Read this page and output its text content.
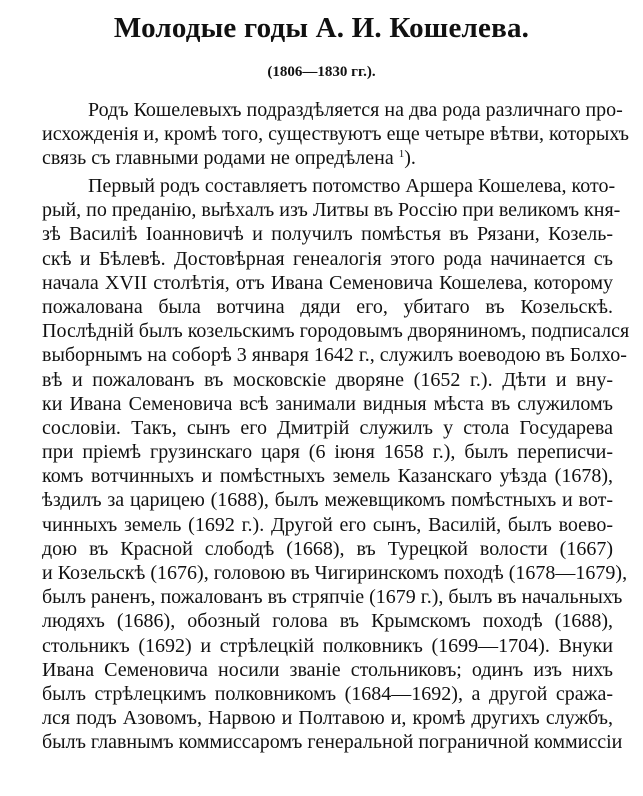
Молодые годы А. И. Кошелева.
(1806—1830 гг.).
Родъ Кошелевыхъ подраздѣляется на два рода различнаго про-
исхожденія и, кромѣ того, существуютъ еще четыре вѣтви, которыхъ
связь съ главными родами не опредѣлена $^1$).
Первый родъ составляетъ потомство Аршера Кошелева, кото-
рый, по преданію, выѣхалъ изъ Литвы въ Россію при великомъ кня-
зѣ Василіѣ Іоанновичѣ и получилъ помѣстья въ Рязани, Козель-
скѣ и Бѣлевѣ. Достовѣрная генеалогія этого рода начинается съ
начала XVII столѣтія, отъ Ивана Семеновича Кошелева, которому
пожалована была вотчина дяди его, убитаго въ Козельскѣ.
Послѣдній былъ козельскимъ городовымъ дворяниномъ, подписался
выборнымъ на соборѣ 3 января 1642 г., служилъ воеводою въ Болхо-
вѣ и пожалованъ въ московскіе дворяне (1652 г.). Дѣти и вну-
ки Ивана Семеновича всѣ занимали видныя мѣста въ служиломъ
сословіи. Такъ, сынъ его Дмитрій служилъ у стола Государева
при пріемѣ грузинскаго царя (6 іюня 1658 г.), былъ переписчи-
комъ вотчинныхъ и помѣстныхъ земель Казанскаго уѣзда (1678),
ѣздилъ за царицею (1688), былъ межевщикомъ помѣстныхъ и вот-
чинныхъ земель (1692 г.). Другой его сынъ, Василій, былъ воево-
дою въ Красной слободѣ (1668), въ Турецкой волости (1667)
и Козельскѣ (1676), головою въ Чигиринскомъ походѣ (1678—1679),
былъ раненъ, пожалованъ въ стряпчіе (1679 г.), былъ въ начальныхъ
людяхъ (1686), обозный голова въ Крымскомъ походѣ (1688),
стольникъ (1692) и стрѣлецкій полковникъ (1699—1704). Внуки
Ивана Семеновича носили званіе стольниковъ; одинъ изъ нихъ
былъ стрѣлецкимъ полковникомъ (1684—1692), а другой сража-
лся подъ Азовомъ, Нарвою и Полтавою и, кромѣ другихъ службъ,
былъ главнымъ коммиссаромъ генеральной пограничной коммиссіи
